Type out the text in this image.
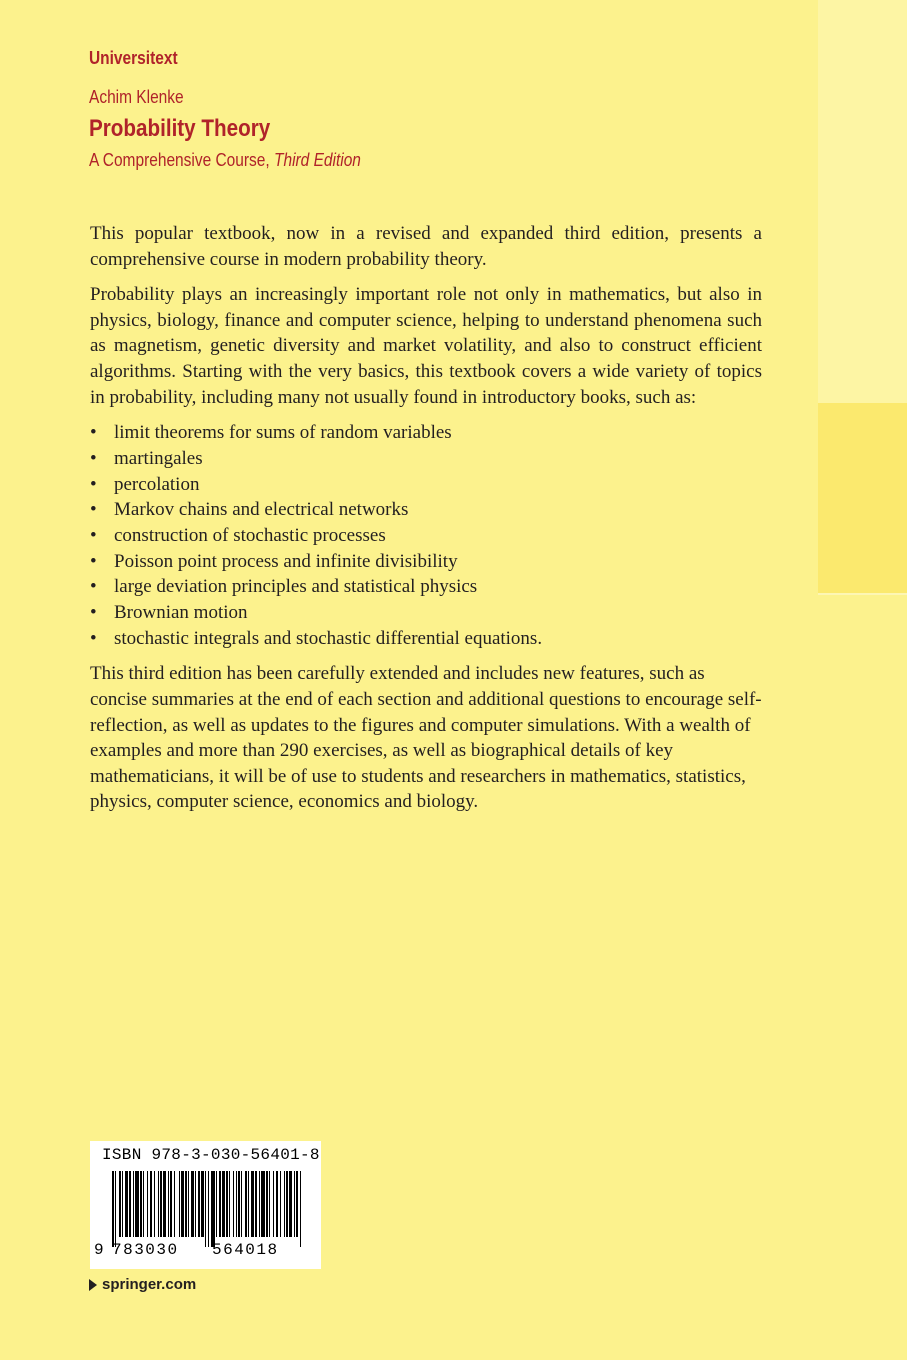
Universitext
Achim Klenke
Probability Theory
A Comprehensive Course, Third Edition

This popular textbook, now in a revised and expanded third edition, presents a comprehensive course in modern probability theory.

Probability plays an increasingly important role not only in mathematics, but also in physics, biology, finance and computer science, helping to understand phenomena such as magnetism, genetic diversity and market volatility, and also to construct efficient algorithms. Starting with the very basics, this textbook covers a wide variety of topics in probability, including many not usually found in introductory books, such as:

• limit theorems for sums of random variables
• martingales
• percolation
• Markov chains and electrical networks
• construction of stochastic processes
• Poisson point process and infinite divisibility
• large deviation principles and statistical physics
• Brownian motion
• stochastic integrals and stochastic differential equations.

This third edition has been carefully extended and includes new features, such as concise summaries at the end of each section and additional questions to encourage self-reflection, as well as updates to the figures and computer simulations. With a wealth of examples and more than 290 exercises, as well as biographical details of key mathematicians, it will be of use to students and researchers in mathematics, statistics, physics, computer science, economics and biology.

ISBN 978-3-030-56401-8
9 783030 564018
springer.com
